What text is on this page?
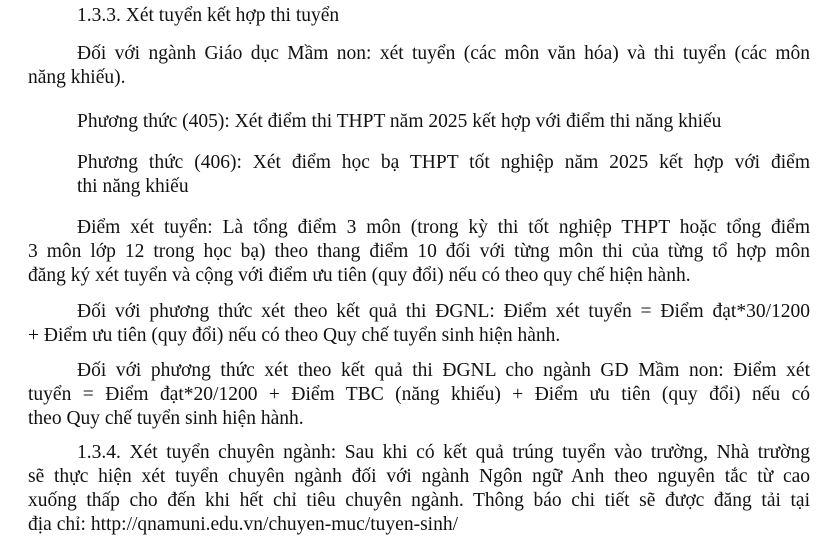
1.3.3. Xét tuyển kết hợp thi tuyển
Đối với ngành Giáo dục Mầm non: xét tuyển (các môn văn hóa) và thi tuyển (các môn
năng khiếu).
Phương thức (405): Xét điểm thi THPT năm 2025 kết hợp với điểm thi năng khiếu
Phương thức (406): Xét điểm học bạ THPT tốt nghiệp năm 2025 kết hợp với điểm
thi năng khiếu
Điểm xét tuyển: Là tổng điểm 3 môn (trong kỳ thi tốt nghiệp THPT hoặc tổng điểm
3 môn lớp 12 trong học bạ) theo thang điểm 10 đối với từng môn thi của từng tổ hợp môn
đăng ký xét tuyển và cộng với điểm ưu tiên (quy đổi) nếu có theo quy chế hiện hành.
Đối với phương thức xét theo kết quả thi ĐGNL: Điểm xét tuyển = Điểm đạt*30/1200
+ Điểm ưu tiên (quy đổi) nếu có theo Quy chế tuyển sinh hiện hành.
Đối với phương thức xét theo kết quả thi ĐGNL cho ngành GD Mầm non: Điểm xét
tuyển = Điểm đạt*20/1200 + Điểm TBC (năng khiếu) + Điểm ưu tiên (quy đổi) nếu có
theo Quy chế tuyển sinh hiện hành.
1.3.4. Xét tuyển chuyên ngành: Sau khi có kết quả trúng tuyển vào trường, Nhà trường
sẽ thực hiện xét tuyển chuyên ngành đối với ngành Ngôn ngữ Anh theo nguyên tắc từ cao
xuống thấp cho đến khi hết chỉ tiêu chuyên ngành. Thông báo chi tiết sẽ được đăng tải tại
địa chỉ: http://qnamuni.edu.vn/chuyen-muc/tuyen-sinh/
